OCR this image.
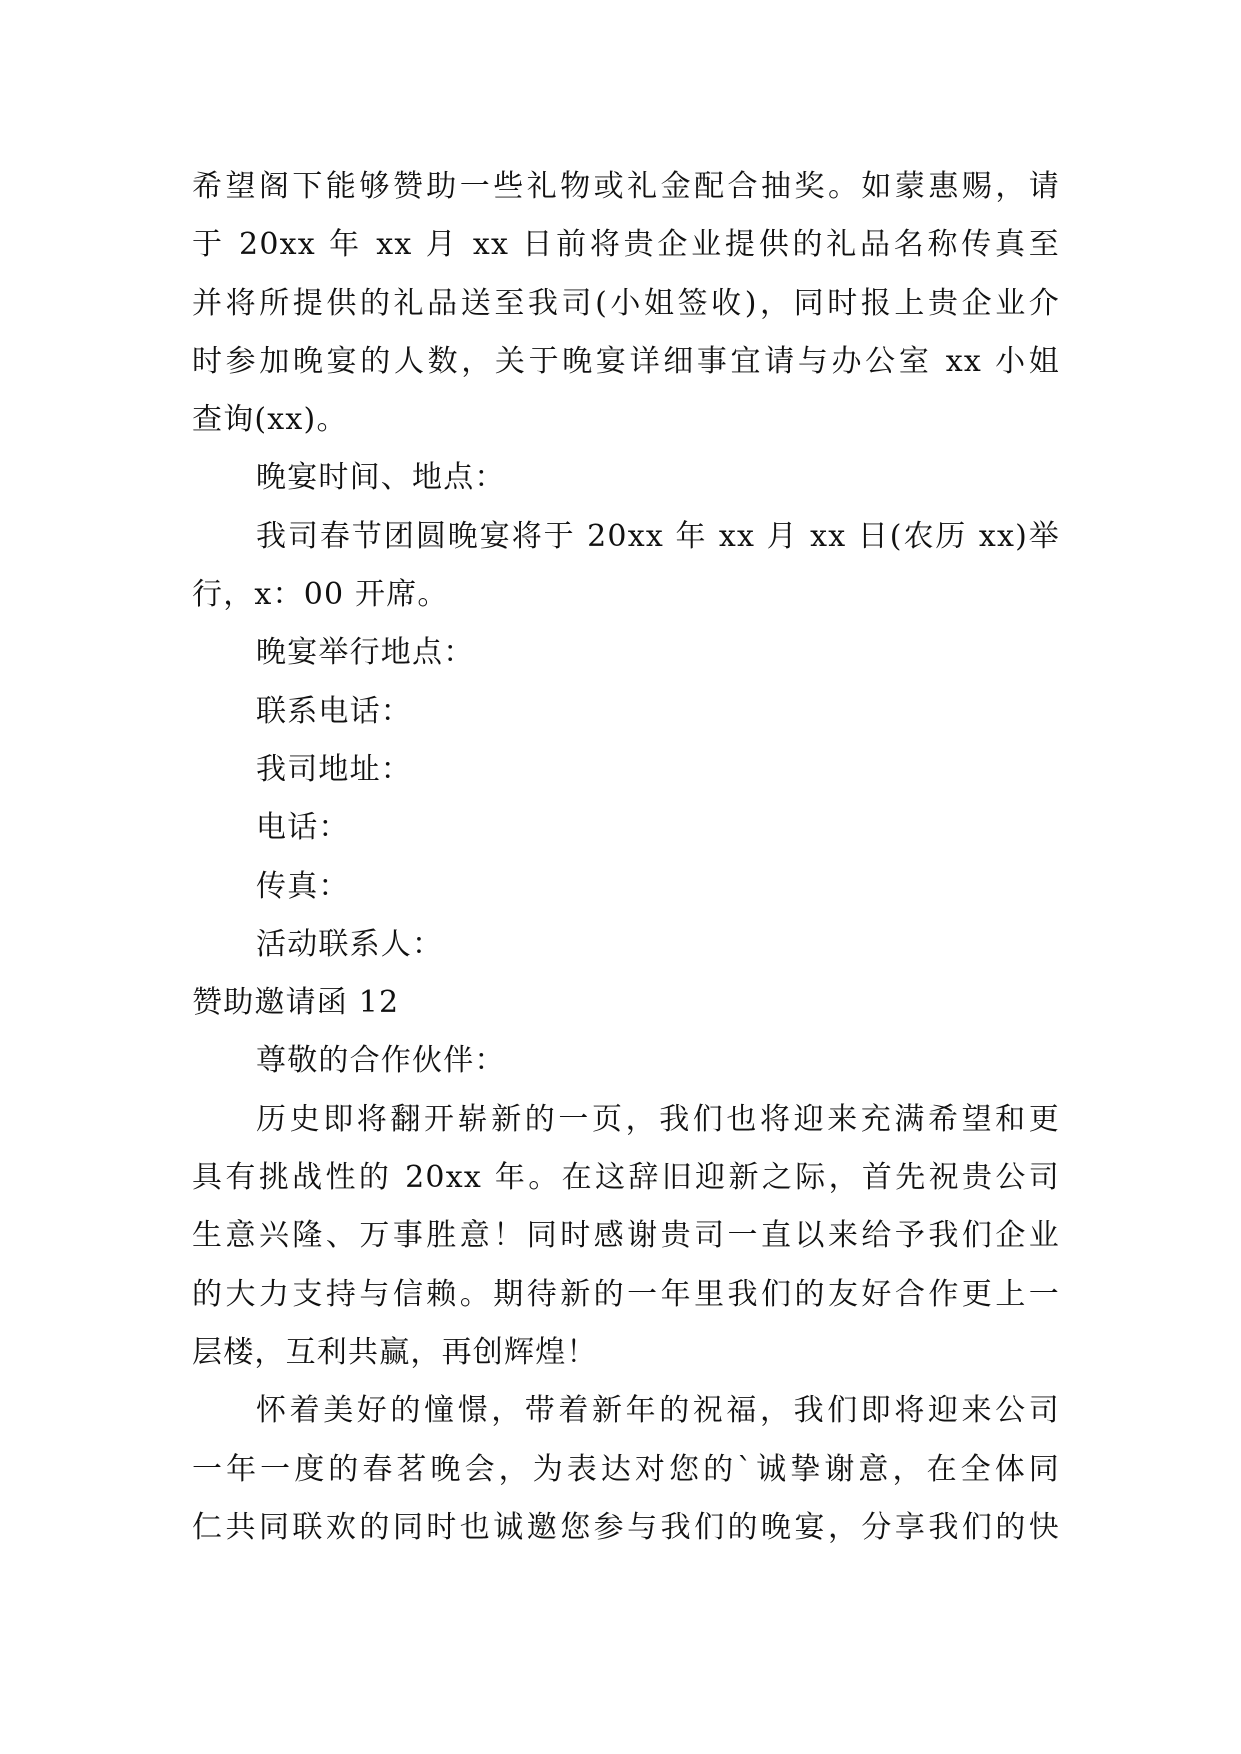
希望阁下能够赞助一些礼物或礼金配合抽奖。如蒙惠赐，请
于 20xx 年 xx 月 xx 日前将贵企业提供的礼品名称传真至
并将所提供的礼品送至我司(小姐签收)，同时报上贵企业介
时参加晚宴的人数，关于晚宴详细事宜请与办公室 xx 小姐
查询(xx)。
晚宴时间、地点：
我司春节团圆晚宴将于 20xx 年 xx 月 xx 日(农历 xx)举
行，x：00 开席。
晚宴举行地点：
联系电话：
我司地址：
电话：
传真：
活动联系人：
赞助邀请函 12
尊敬的合作伙伴：
历史即将翻开崭新的一页，我们也将迎来充满希望和更
具有挑战性的 20xx 年。在这辞旧迎新之际，首先祝贵公司
生意兴隆、万事胜意！同时感谢贵司一直以来给予我们企业
的大力支持与信赖。期待新的一年里我们的友好合作更上一
层楼，互利共赢，再创辉煌！
怀着美好的憧憬，带着新年的祝福，我们即将迎来公司
一年一度的春茗晚会，为表达对您的`诚挚谢意，在全体同
仁共同联欢的同时也诚邀您参与我们的晚宴，分享我们的快
